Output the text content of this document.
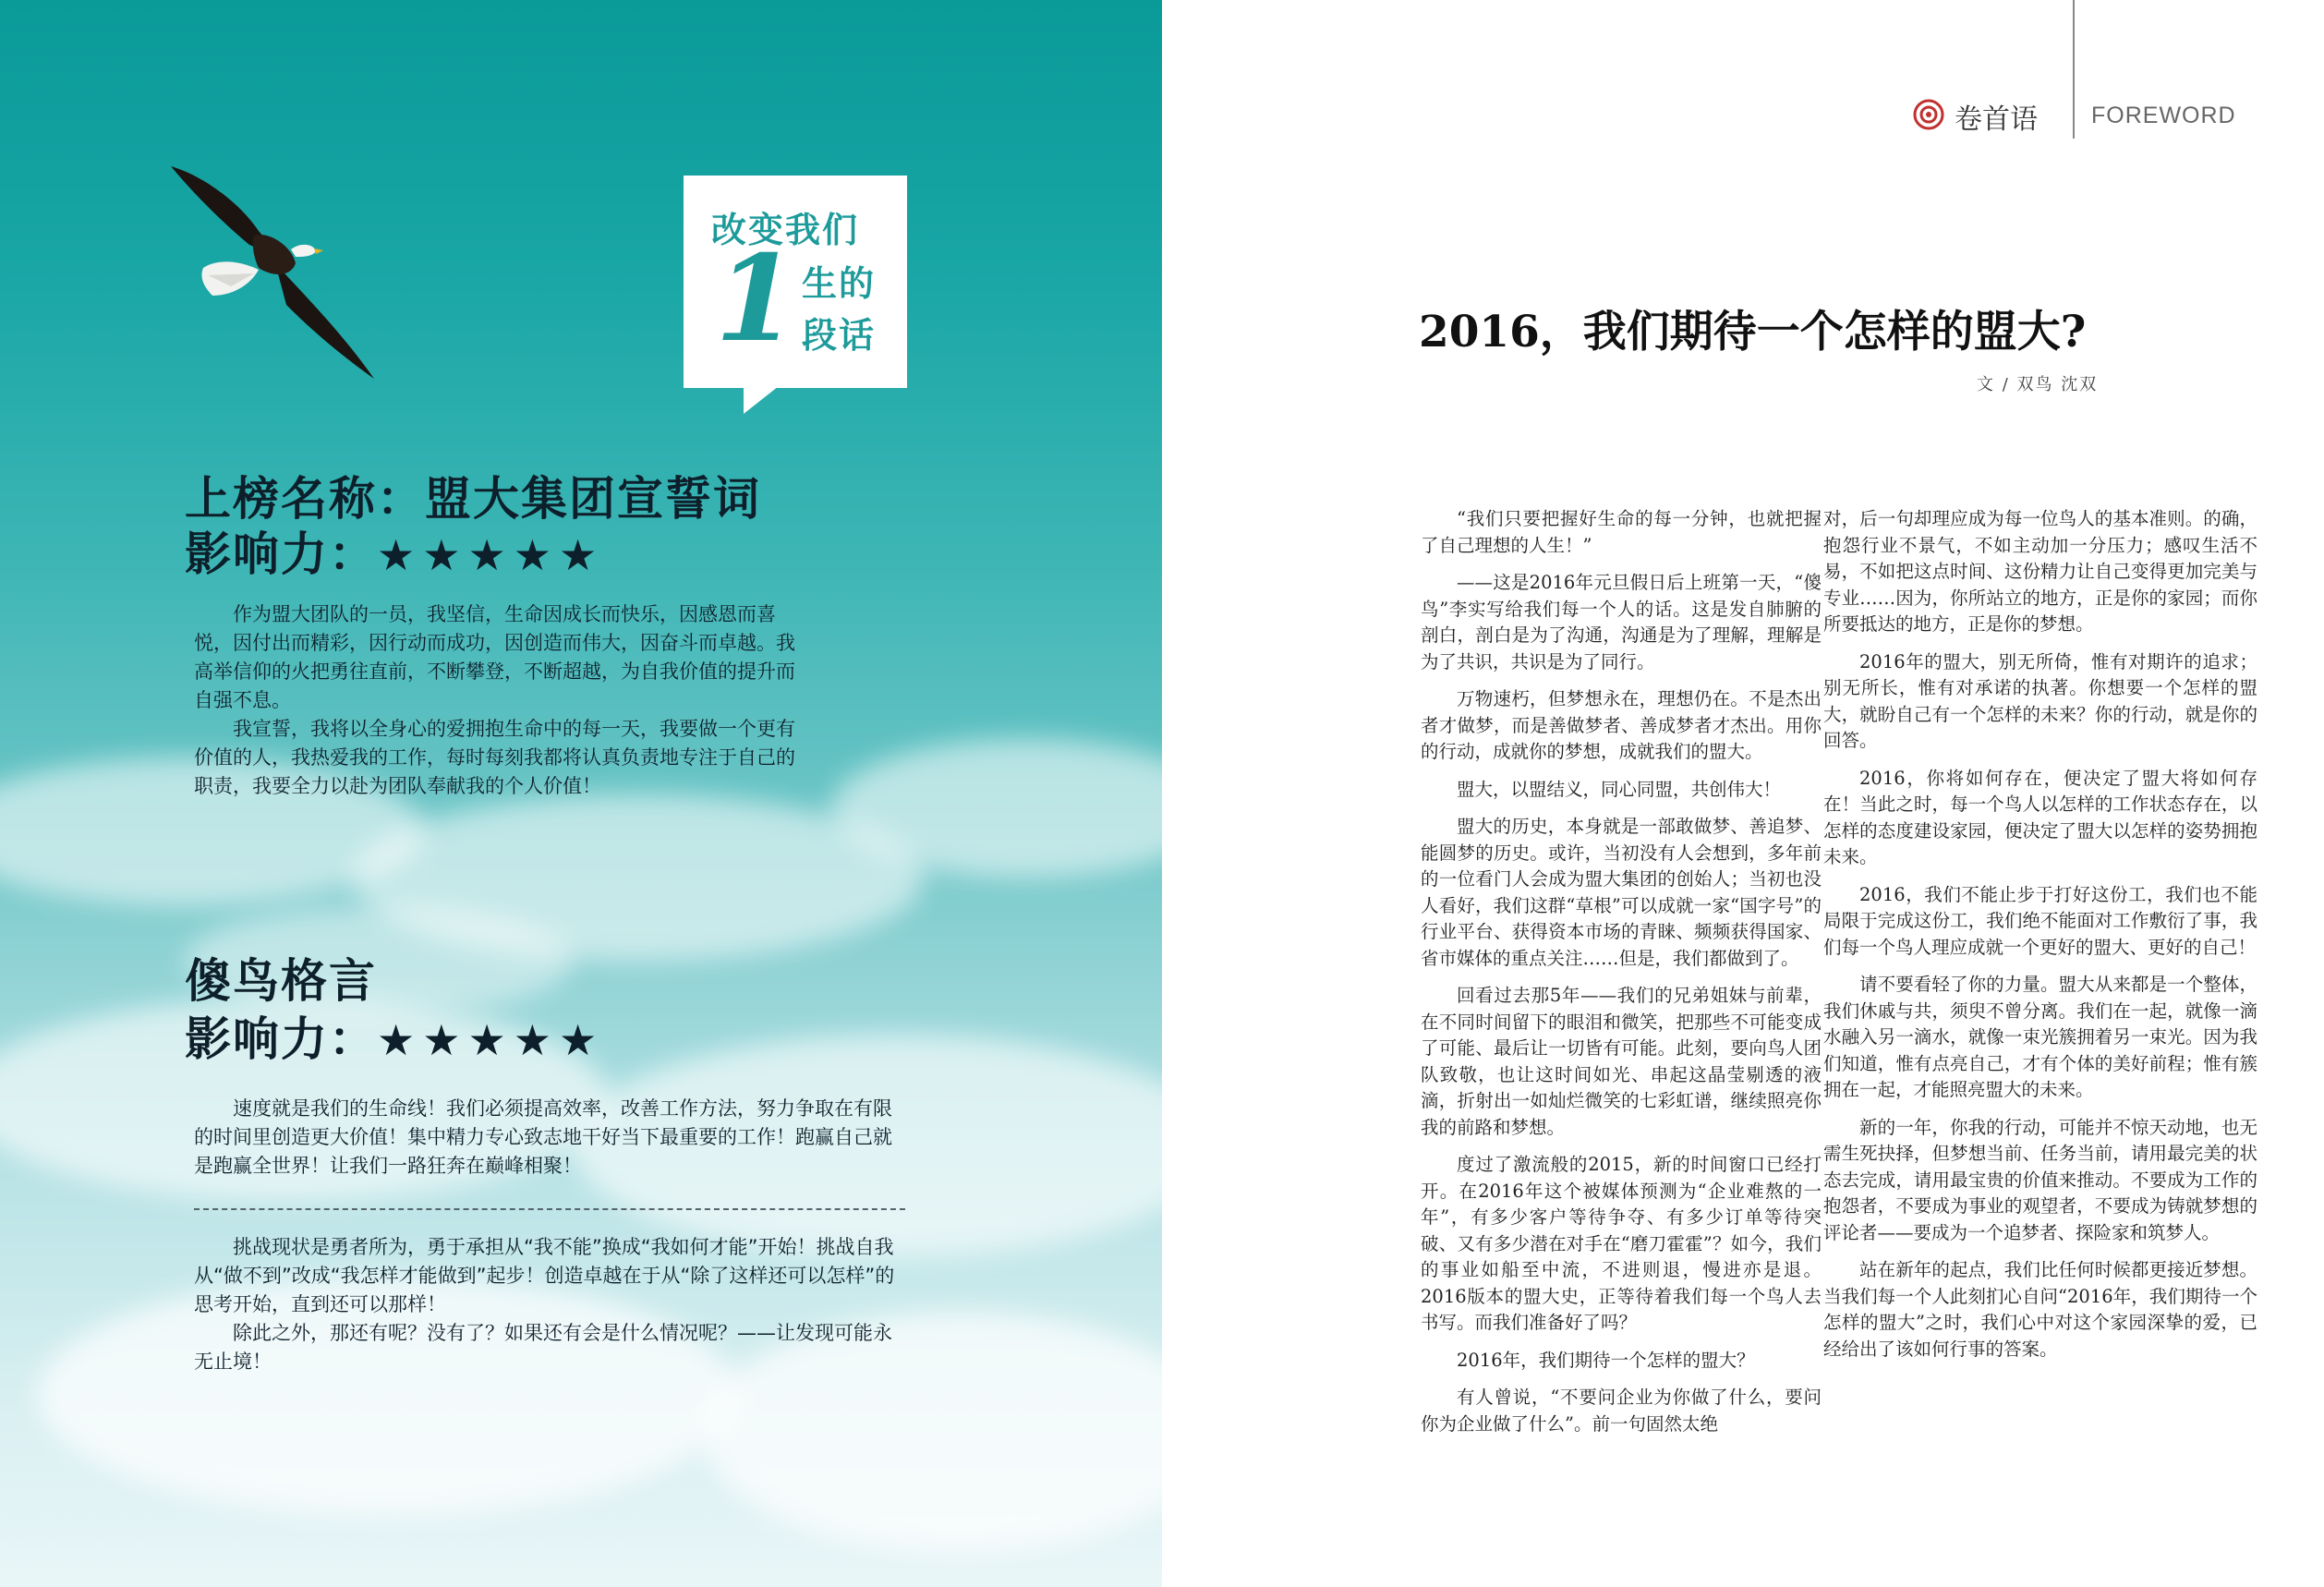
改变我们
1 生的
段话
上榜名称：盟大集团宣誓词
影响力：★★★★★

作为盟大团队的一员，我坚信，生命因成长而快乐，因感恩而喜悦，因付出而精彩，因行动而成功，因创造而伟大，因奋斗而卓越。我高举信仰的火把勇往直前，不断攀登，不断超越，为自我价值的提升而自强不息。

我宣誓，我将以全身心的爱拥抱生命中的每一天，我要做一个更有价值的人，我热爱我的工作，每时每刻我都将认真负责地专注于自己的职责，我要全力以赴为团队奉献我的个人价值！

傻鸟格言
影响力：★★★★★

速度就是我们的生命线！我们必须提高效率，改善工作方法，努力争取在有限的时间里创造更大价值！集中精力专心致志地干好当下最重要的工作！跑赢自己就是跑赢全世界！让我们一路狂奔在巅峰相聚！

挑战现状是勇者所为，勇于承担从“我不能”换成“我如何才能”开始！挑战自我从“做不到”改成“我怎样才能做到”起步！创造卓越在于从“除了这样还可以怎样”的思考开始，直到还可以那样！

除此之外，那还有呢？没有了？如果还有会是什么情况呢？——让发现可能永无止境！

卷首语 FOREWORD
2016，我们期待一个怎样的盟大?
文 / 双鸟 沈双

“我们只要把握好生命的每一分钟，也就把握了自己理想的人生！”

——这是2016年元旦假日后上班第一天，“傻鸟”李实写给我们每一个人的话。这是发自肺腑的剖白，剖白是为了沟通，沟通是为了理解，理解是为了共识，共识是为了同行。

万物速朽，但梦想永在，理想仍在。不是杰出者才做梦，而是善做梦者、善成梦者才杰出。用你的行动，成就你的梦想，成就我们的盟大。

盟大，以盟结义，同心同盟，共创伟大！

盟大的历史，本身就是一部敢做梦、善追梦、能圆梦的历史。或许，当初没有人会想到，多年前的一位看门人会成为盟大集团的创始人；当初也没人看好，我们这群“草根”可以成就一家“国字号”的行业平台、获得资本市场的青睐、频频获得国家、省市媒体的重点关注……但是，我们都做到了。

回看过去那5年——我们的兄弟姐妹与前辈，在不同时间留下的眼泪和微笑，把那些不可能变成了可能、最后让一切皆有可能。此刻，要向鸟人团队致敬，也让这时间如光、串起这晶莹剔透的液滴，折射出一如灿烂微笑的七彩虹谱，继续照亮你我的前路和梦想。

度过了激流般的2015，新的时间窗口已经打开。在2016年这个被媒体预测为“企业难熬的一年”，有多少客户等待争夺、有多少订单等待突破、又有多少潜在对手在“磨刀霍霍”？如今，我们的事业如船至中流，不进则退，慢进亦是退。2016版本的盟大史，正等待着我们每一个鸟人去书写。而我们准备好了吗？

2016年，我们期待一个怎样的盟大？

有人曾说，“不要问企业为你做了什么，要问你为企业做了什么”。前一句固然太绝

对，后一句却理应成为每一位鸟人的基本准则。的确，抱怨行业不景气，不如主动加一分压力；感叹生活不易，不如把这点时间、这份精力让自己变得更加完美与专业……因为，你所站立的地方，正是你的家园；而你所要抵达的地方，正是你的梦想。

2016年的盟大，别无所倚，惟有对期许的追求；别无所长，惟有对承诺的执著。你想要一个怎样的盟大，就盼自己有一个怎样的未来？你的行动，就是你的回答。

2016，你将如何存在，便决定了盟大将如何存在！当此之时，每一个鸟人以怎样的工作状态存在，以怎样的态度建设家园，便决定了盟大以怎样的姿势拥抱未来。

2016，我们不能止步于打好这份工，我们也不能局限于完成这份工，我们绝不能面对工作敷衍了事，我们每一个鸟人理应成就一个更好的盟大、更好的自己！

请不要看轻了你的力量。盟大从来都是一个整体，我们休戚与共，须臾不曾分离。我们在一起，就像一滴水融入另一滴水，就像一束光簇拥着另一束光。因为我们知道，惟有点亮自己，才有个体的美好前程；惟有簇拥在一起，才能照亮盟大的未来。

新的一年，你我的行动，可能并不惊天动地，也无需生死抉择，但梦想当前、任务当前，请用最完美的状态去完成，请用最宝贵的价值来推动。不要成为工作的抱怨者，不要成为事业的观望者，不要成为铸就梦想的评论者——要成为一个追梦者、探险家和筑梦人。

站在新年的起点，我们比任何时候都更接近梦想。当我们每一个人此刻扪心自问“2016年，我们期待一个怎样的盟大”之时，我们心中对这个家园深挚的爱，已经给出了该如何行事的答案。
